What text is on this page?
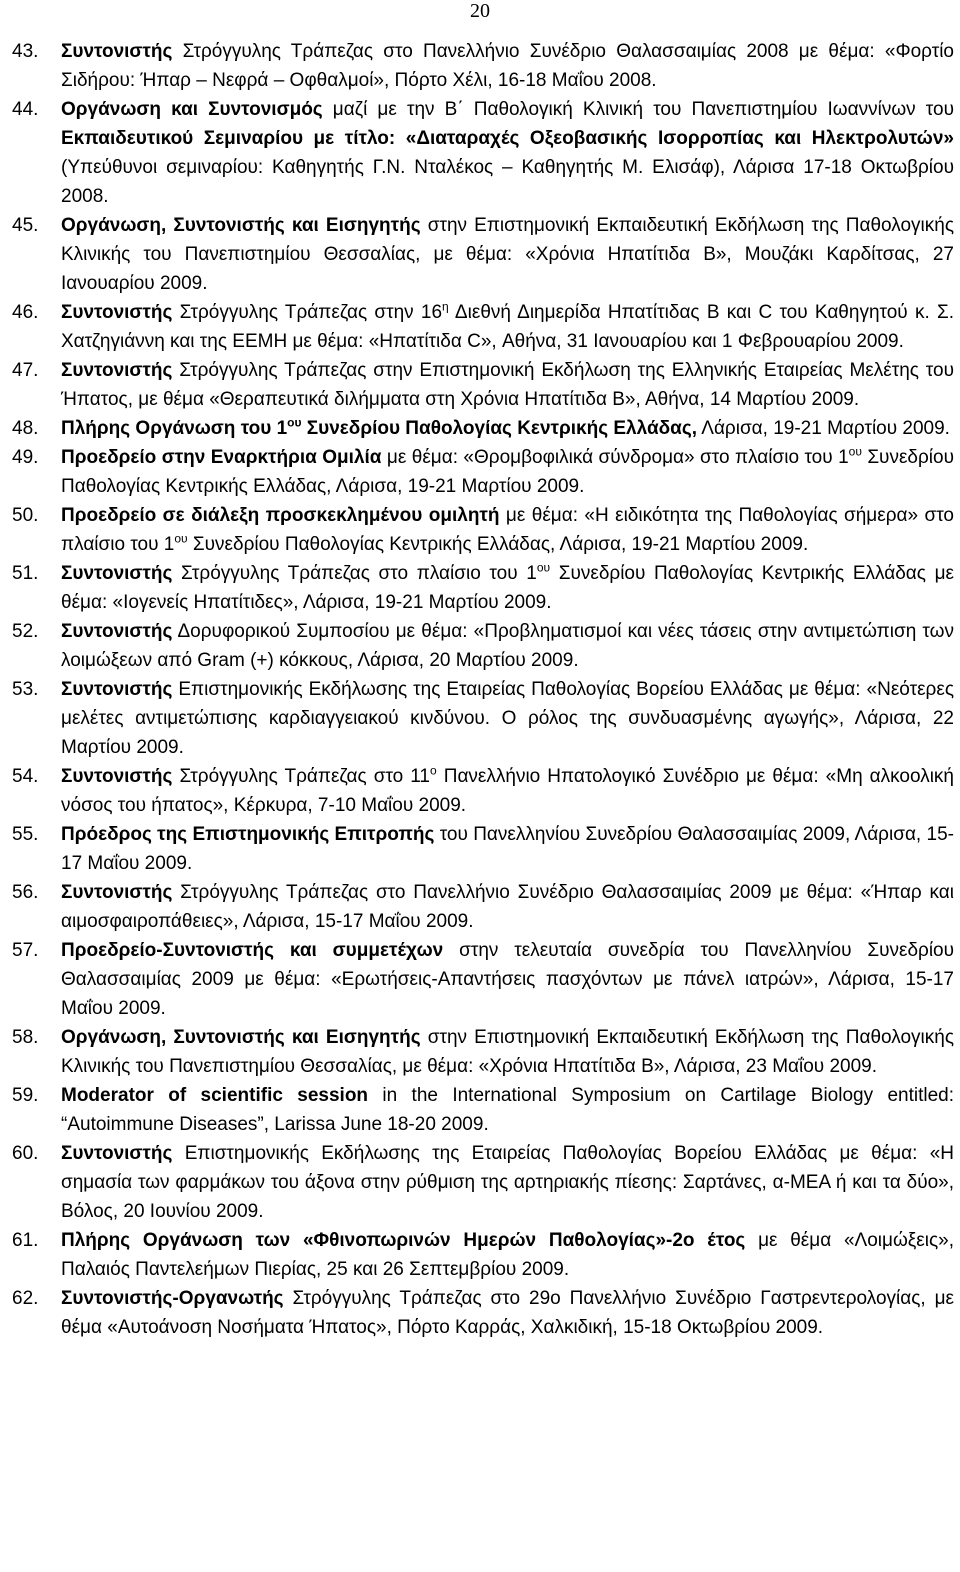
20
43.	Συντονιστής Στρόγγυλης Τράπεζας στο Πανελλήνιο Συνέδριο Θαλασσαιμίας 2008 με θέμα: «Φορτίο Σιδήρου: Ήπαρ – Νεφρά – Οφθαλμοί», Πόρτο Χέλι, 16-18 Μαΐου 2008.
44.	Οργάνωση και Συντονισμός μαζί με την Β΄ Παθολογική Κλινική του Πανεπιστημίου Ιωαννίνων του Εκπαιδευτικού Σεμιναρίου με τίτλο: «Διαταραχές Οξεοβασικής Ισορροπίας και Ηλεκτρολυτών» (Υπεύθυνοι σεμιναρίου: Καθηγητής Γ.Ν. Νταλέκος – Καθηγητής Μ. Ελισάφ), Λάρισα 17-18 Οκτωβρίου 2008.
45.	Οργάνωση, Συντονιστής και Εισηγητής στην Επιστημονική Εκπαιδευτική Εκδήλωση της Παθολογικής Κλινικής του Πανεπιστημίου Θεσσαλίας, με θέμα: «Χρόνια Ηπατίτιδα Β», Μουζάκι Καρδίτσας, 27 Ιανουαρίου 2009.
46.	Συντονιστής Στρόγγυλης Τράπεζας στην $16^\eta$ Διεθνή Διημερίδα Ηπατίτιδας Β και C του Καθηγητού κ. Σ. Χατζηγιάννη και της ΕΕΜΗ με θέμα: «Ηπατίτιδα C», Αθήνα, 31 Ιανουαρίου και 1 Φεβρουαρίου 2009.
47.	Συντονιστής Στρόγγυλης Τράπεζας στην Επιστημονική Εκδήλωση της Ελληνικής Εταιρείας Μελέτης του Ήπατος, με θέμα «Θεραπευτικά διλήμματα στη Χρόνια Ηπατίτιδα Β», Αθήνα, 14 Μαρτίου 2009.
48.	Πλήρης Οργάνωση του $1^{o\upsilon}$ Συνεδρίου Παθολογίας Κεντρικής Ελλάδας, Λάρισα, 19-21 Μαρτίου 2009.
49.	Προεδρείο στην Εναρκτήρια Ομιλία με θέμα: «Θρομβοφιλικά σύνδρομα» στο πλαίσιο του $1^{o\upsilon}$ Συνεδρίου Παθολογίας Κεντρικής Ελλάδας, Λάρισα, 19-21 Μαρτίου 2009.
50.	Προεδρείο σε διάλεξη προσκεκλημένου ομιλητή με θέμα: «Η ειδικότητα της Παθολογίας σήμερα» στο πλαίσιο του $1^{o\upsilon}$ Συνεδρίου Παθολογίας Κεντρικής Ελλάδας, Λάρισα, 19-21 Μαρτίου 2009.
51.	Συντονιστής Στρόγγυλης Τράπεζας στο πλαίσιο του $1^{o\upsilon}$ Συνεδρίου Παθολογίας Κεντρικής Ελλάδας με θέμα: «Ιογενείς Ηπατίτιδες», Λάρισα, 19-21 Μαρτίου 2009.
52.	Συντονιστής Δορυφορικού Συμποσίου με θέμα: «Προβληματισμοί και νέες τάσεις στην αντιμετώπιση των λοιμώξεων από Gram (+) κόκκους, Λάρισα, 20 Μαρτίου 2009.
53.	Συντονιστής Επιστημονικής Εκδήλωσης της Εταιρείας Παθολογίας Βορείου Ελλάδας με θέμα: «Νεότερες μελέτες αντιμετώπισης καρδιαγγειακού κινδύνου. Ο ρόλος της συνδυασμένης αγωγής», Λάρισα, 22 Μαρτίου 2009.
54.	Συντονιστής Στρόγγυλης Τράπεζας στο $11^o$ Πανελλήνιο Ηπατολογικό Συνέδριο με θέμα: «Μη αλκοολική νόσος του ήπατος», Κέρκυρα, 7-10 Μαΐου 2009.
55.	Πρόεδρος της Επιστημονικής Επιτροπής του Πανελληνίου Συνεδρίου Θαλασσαιμίας 2009, Λάρισα, 15-17 Μαΐου 2009.
56.	Συντονιστής Στρόγγυλης Τράπεζας στο Πανελλήνιο Συνέδριο Θαλασσαιμίας 2009 με θέμα: «Ήπαρ και αιμοσφαιροπάθειες», Λάρισα, 15-17 Μαΐου 2009.
57.	Προεδρείο-Συντονιστής και συμμετέχων στην τελευταία συνεδρία του Πανελληνίου Συνεδρίου Θαλασσαιμίας 2009 με θέμα: «Ερωτήσεις-Απαντήσεις πασχόντων με πάνελ ιατρών», Λάρισα, 15-17 Μαΐου 2009.
58.	Οργάνωση, Συντονιστής και Εισηγητής στην Επιστημονική Εκπαιδευτική Εκδήλωση της Παθολογικής Κλινικής του Πανεπιστημίου Θεσσαλίας, με θέμα: «Χρόνια Ηπατίτιδα Β», Λάρισα, 23 Μαΐου 2009.
59.	Moderator of scientific session in the International Symposium on Cartilage Biology entitled: “Autoimmune Diseases”, Larissa June 18-20 2009.
60.	Συντονιστής Επιστημονικής Εκδήλωσης της Εταιρείας Παθολογίας Βορείου Ελλάδας με θέμα: «Η σημασία των φαρμάκων του άξονα στην ρύθμιση της αρτηριακής πίεσης: Σαρτάνες, α-ΜΕΑ ή και τα δύο», Βόλος, 20 Ιουνίου 2009.
61.	Πλήρης Οργάνωση των «Φθινοπωρινών Ημερών Παθολογίας»-2ο έτος με θέμα «Λοιμώξεις», Παλαιός Παντελεήμων Πιερίας, 25 και 26 Σεπτεμβρίου 2009.
62.	Συντονιστής-Οργανωτής Στρόγγυλης Τράπεζας στο 29ο Πανελλήνιο Συνέδριο Γαστρεντερολογίας, με θέμα «Αυτοάνοση Νοσήματα Ήπατος», Πόρτο Καρράς, Χαλκιδική, 15-18 Οκτωβρίου 2009.
